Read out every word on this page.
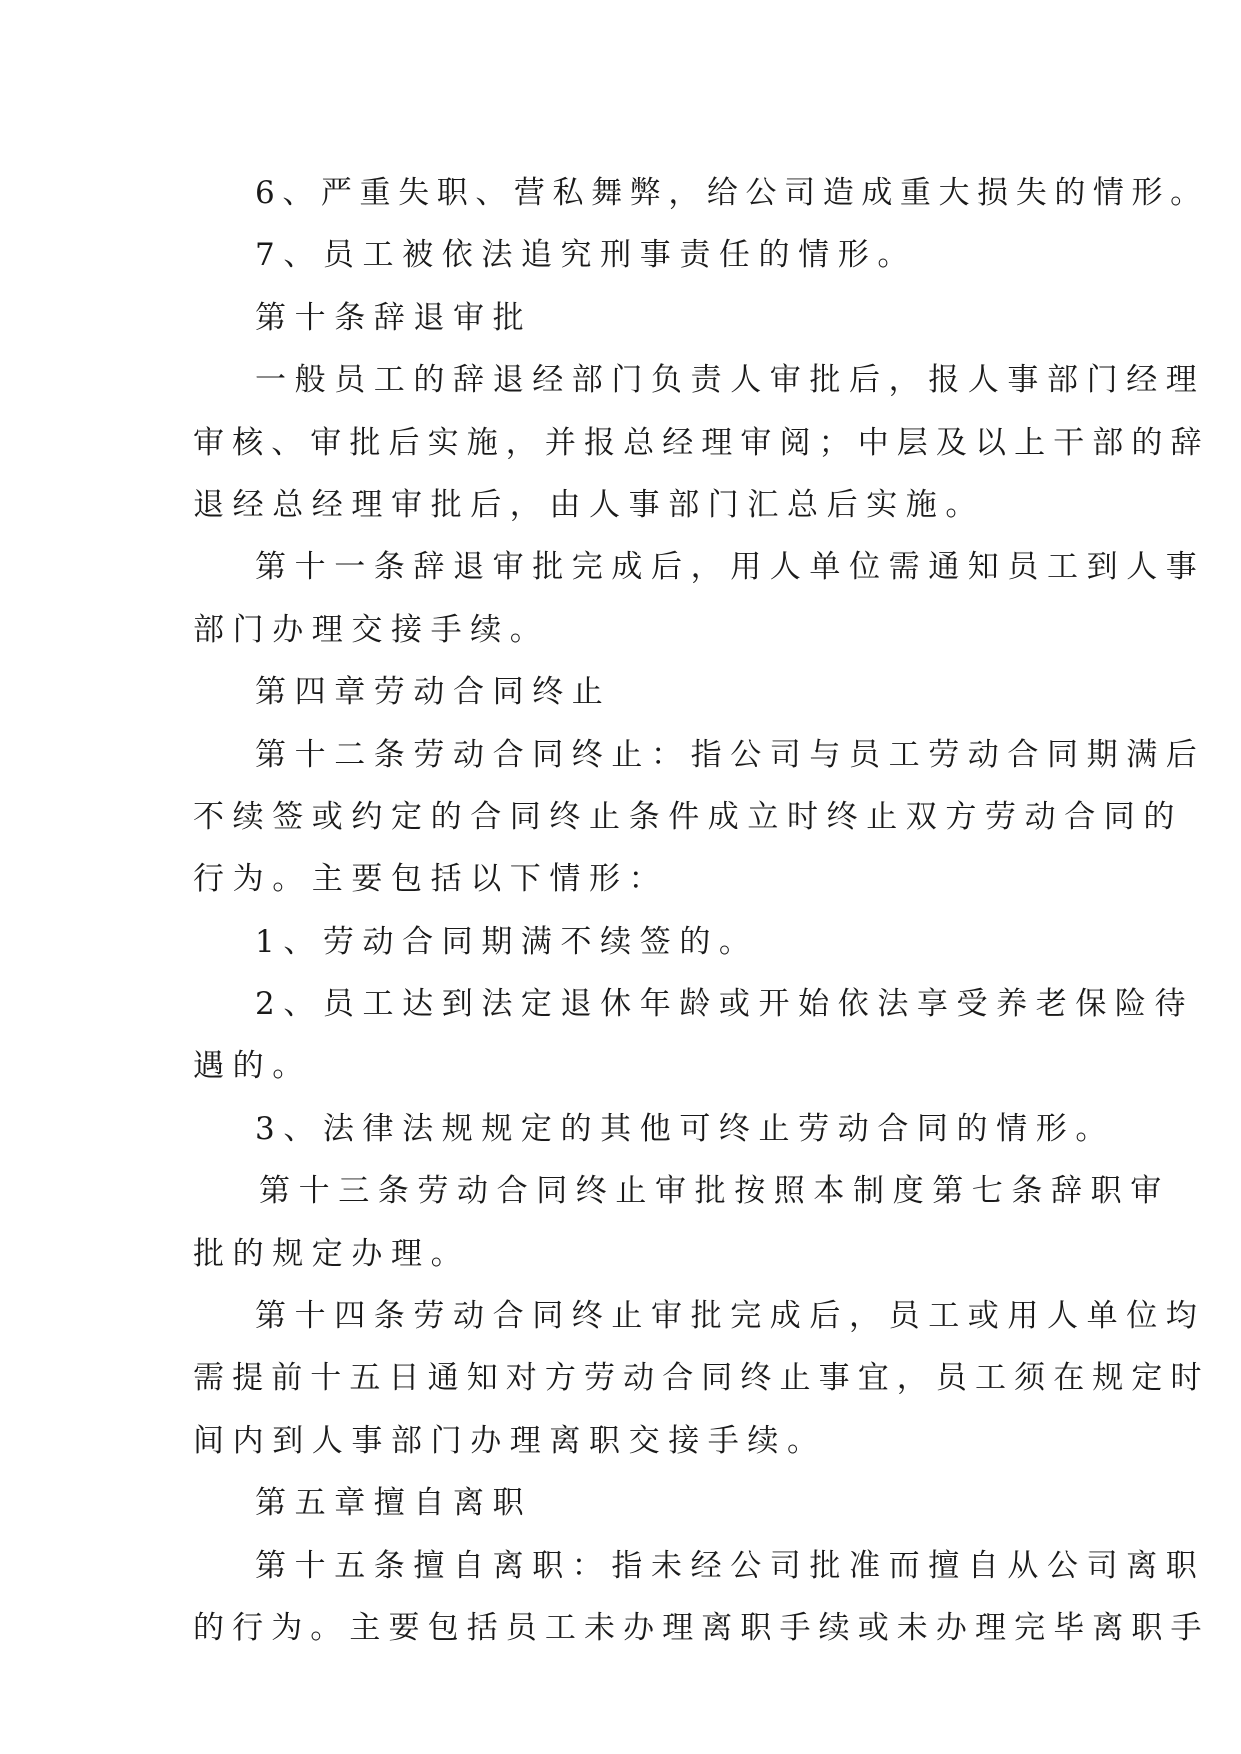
6、严重失职、营私舞弊，给公司造成重大损失的情形。
7、员工被依法追究刑事责任的情形。
第十条辞退审批
一般员工的辞退经部门负责人审批后，报人事部门经理
审核、审批后实施，并报总经理审阅；中层及以上干部的辞
退经总经理审批后，由人事部门汇总后实施。
第十一条辞退审批完成后，用人单位需通知员工到人事
部门办理交接手续。
第四章劳动合同终止
第十二条劳动合同终止：指公司与员工劳动合同期满后
不续签或约定的合同终止条件成立时终止双方劳动合同的
行为。主要包括以下情形：
1、劳动合同期满不续签的。
2、员工达到法定退休年龄或开始依法享受养老保险待
遇的。
3、法律法规规定的其他可终止劳动合同的情形。
第十三条劳动合同终止审批按照本制度第七条辞职审
批的规定办理。
第十四条劳动合同终止审批完成后，员工或用人单位均
需提前十五日通知对方劳动合同终止事宜，员工须在规定时
间内到人事部门办理离职交接手续。
第五章擅自离职
第十五条擅自离职：指未经公司批准而擅自从公司离职
的行为。主要包括员工未办理离职手续或未办理完毕离职手
